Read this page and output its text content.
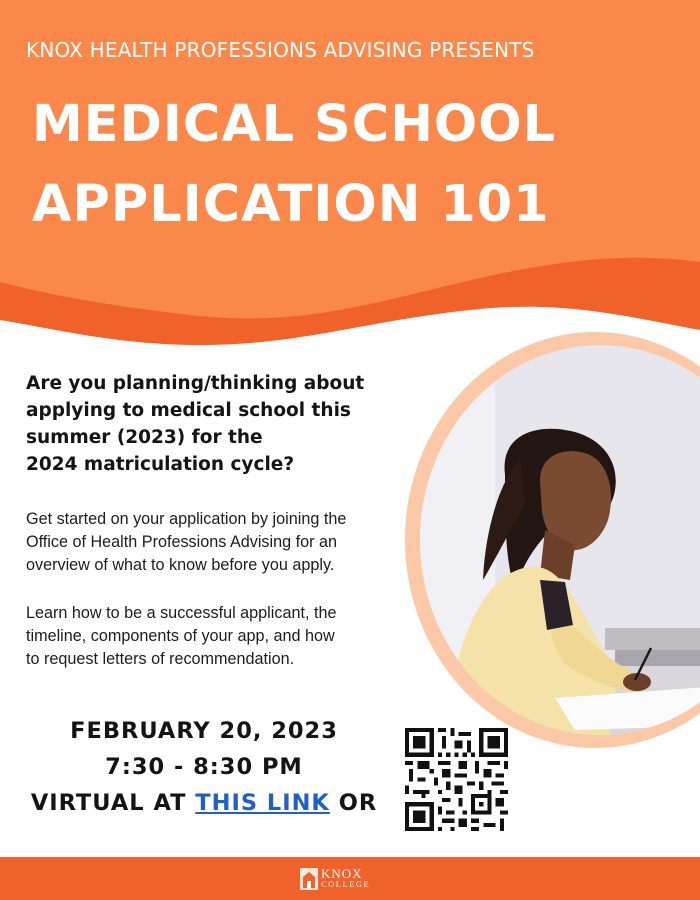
KNOX HEALTH PROFESSIONS ADVISING PRESENTS
MEDICAL SCHOOL
APPLICATION 101
Are you planning/thinking about
applying to medical school this
summer (2023) for the
2024 matriculation cycle?
Get started on your application by joining the
Office of Health Professions Advising for an
overview of what to know before you apply.
Learn how to be a successful applicant, the
timeline, components of your app, and how
to request letters of recommendation.
FEBRUARY 20, 2023
7:30 - 8:30 PM
VIRTUAL AT THIS LINK OR
KNOX
COLLEGE
